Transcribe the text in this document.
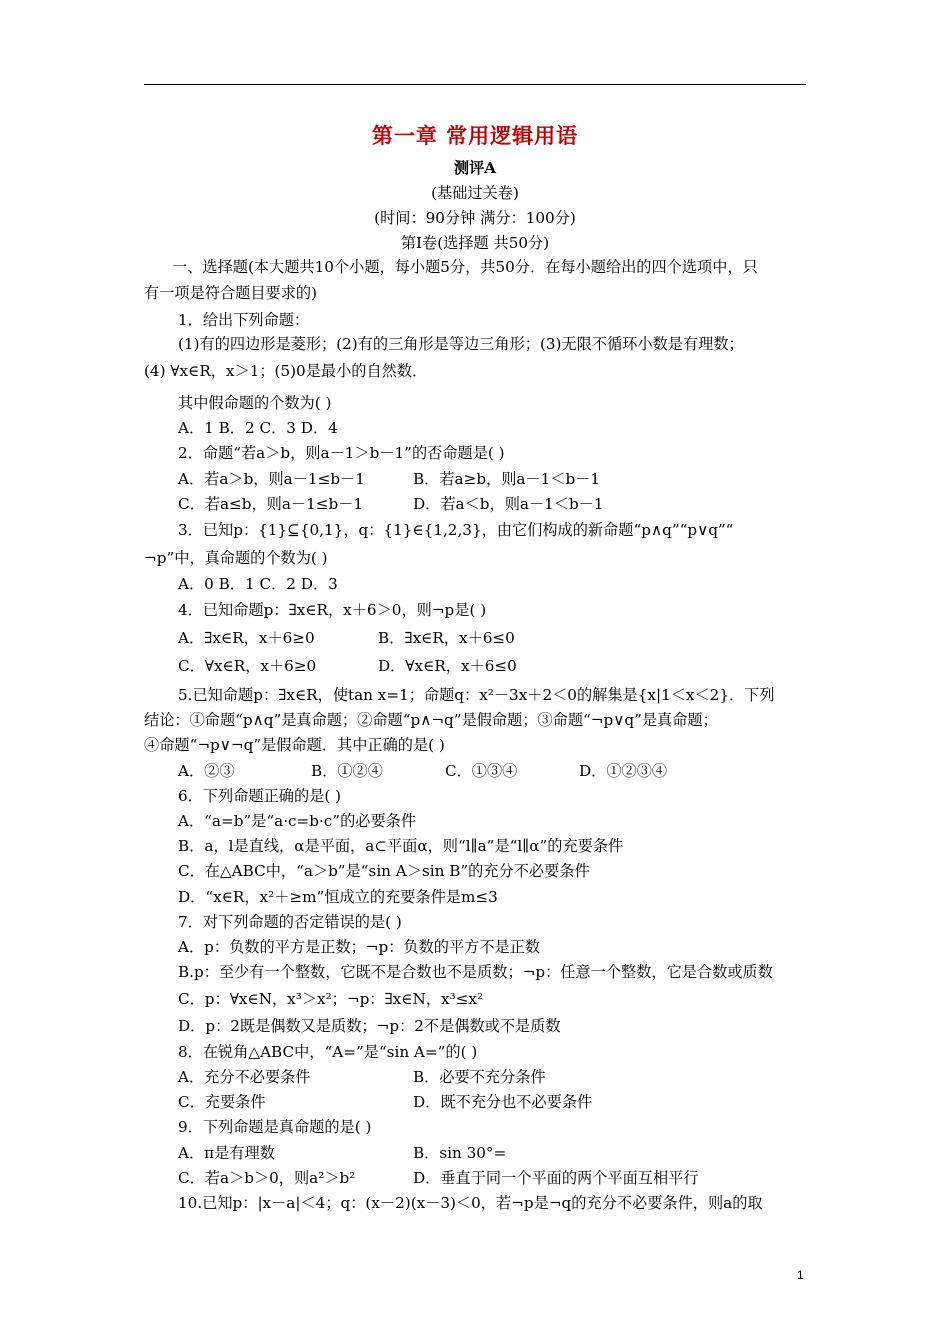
第一章 常用逻辑用语
测评A
(基础过关卷)
(时间：90分钟 满分：100分)
第Ⅰ卷(选择题 共50分)
一、选择题(本大题共10个小题，每小题5分，共50分．在每小题给出的四个选项中，只
有一项是符合题目要求的)
1．给出下列命题：
(1)有的四边形是菱形；(2)有的三角形是等边三角形；(3)无限不循环小数是有理数；
(4) ∀x∈R，x＞1；(5)0是最小的自然数．
其中假命题的个数为( )
A．1 B．2 C．3 D．4
2．命题“若a＞b，则a－1＞b－1”的否命题是( )
A．若a＞b，则a－1≤b－1	B．若a≥b，则a－1＜b－1
C．若a≤b，则a－1≤b－1	D．若a＜b，则a－1＜b－1
3．已知p：{1}⊆{0,1}，q：{1}∈{1,2,3}，由它们构成的新命题“p∧q”“p∨q”“
¬p”中，真命题的个数为( )
A．0 B．1 C．2 D．3
4．已知命题p：∃x∈R，x＋6＞0，则¬p是( )
A．∃x∈R，x＋6≥0	B．∃x∈R，x＋6≤0
C．∀x∈R，x＋6≥0	D．∀x∈R，x＋6≤0
5.已知命题p：∃x∈R，使tan x=1；命题q：x²－3x＋2＜0的解集是{x|1＜x＜2}．下列
结论：①命题“p∧q”是真命题；②命题“p∧¬q”是假命题；③命题“¬p∨q”是真命题；
④命题“¬p∨¬q”是假命题．其中正确的是( )
A．②③	B．①②④	C．①③④	D．①②③④
6．下列命题正确的是( )
A．“a=b”是“a·c=b·c”的必要条件
B．a，l是直线，α是平面，a⊂平面α，则“l∥a”是“l∥α”的充要条件
C．在△ABC中，“a＞b”是“sin A＞sin B”的充分不必要条件
D．“x∈R，x²＋≥m”恒成立的充要条件是m≤3
7．对下列命题的否定错误的是( )
A．p：负数的平方是正数；¬p：负数的平方不是正数
B.p：至少有一个整数，它既不是合数也不是质数；¬p：任意一个整数，它是合数或质数
C．p：∀x∈N，x³＞x²；¬p：∃x∈N，x³≤x²
D．p：2既是偶数又是质数；¬p：2不是偶数或不是质数
8．在锐角△ABC中，“A=”是“sin A=”的( )
A．充分不必要条件	B．必要不充分条件
C．充要条件	D．既不充分也不必要条件
9．下列命题是真命题的是( )
A．π是有理数	B．sin 30°=
C．若a＞b＞0，则a²＞b²	D．垂直于同一个平面的两个平面互相平行
10.已知p：|x－a|＜4；q：(x－2)(x－3)＜0，若¬p是¬q的充分不必要条件，则a的取
1
